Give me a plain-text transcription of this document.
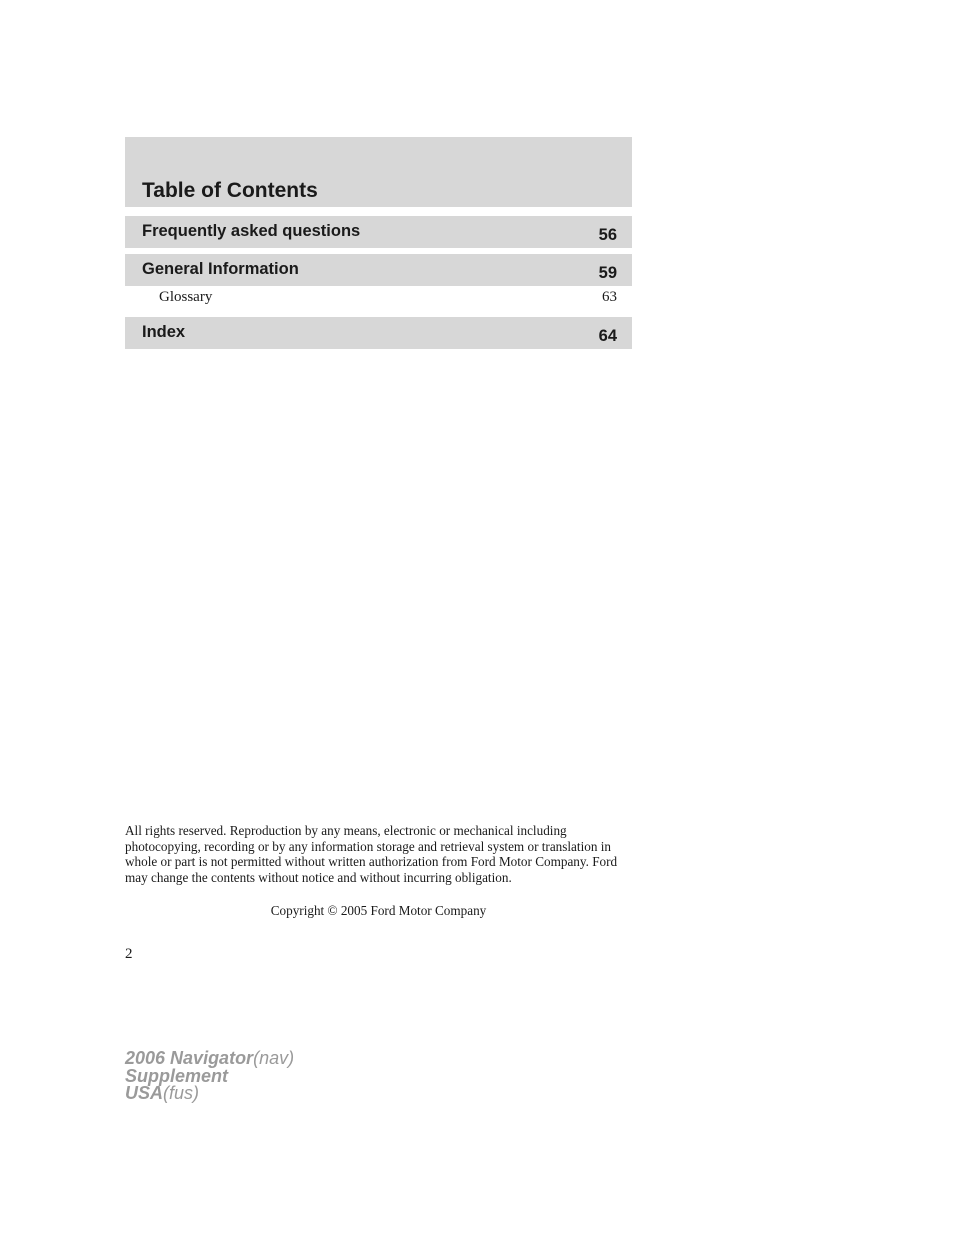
Table of Contents
Frequently asked questions	56
General Information	59
Glossary	63
Index	64
All rights reserved. Reproduction by any means, electronic or mechanical including photocopying, recording or by any information storage and retrieval system or translation in whole or part is not permitted without written authorization from Ford Motor Company. Ford may change the contents without notice and without incurring obligation.
Copyright © 2005 Ford Motor Company
2
2006 Navigator(nav)
Supplement
USA(fus)
